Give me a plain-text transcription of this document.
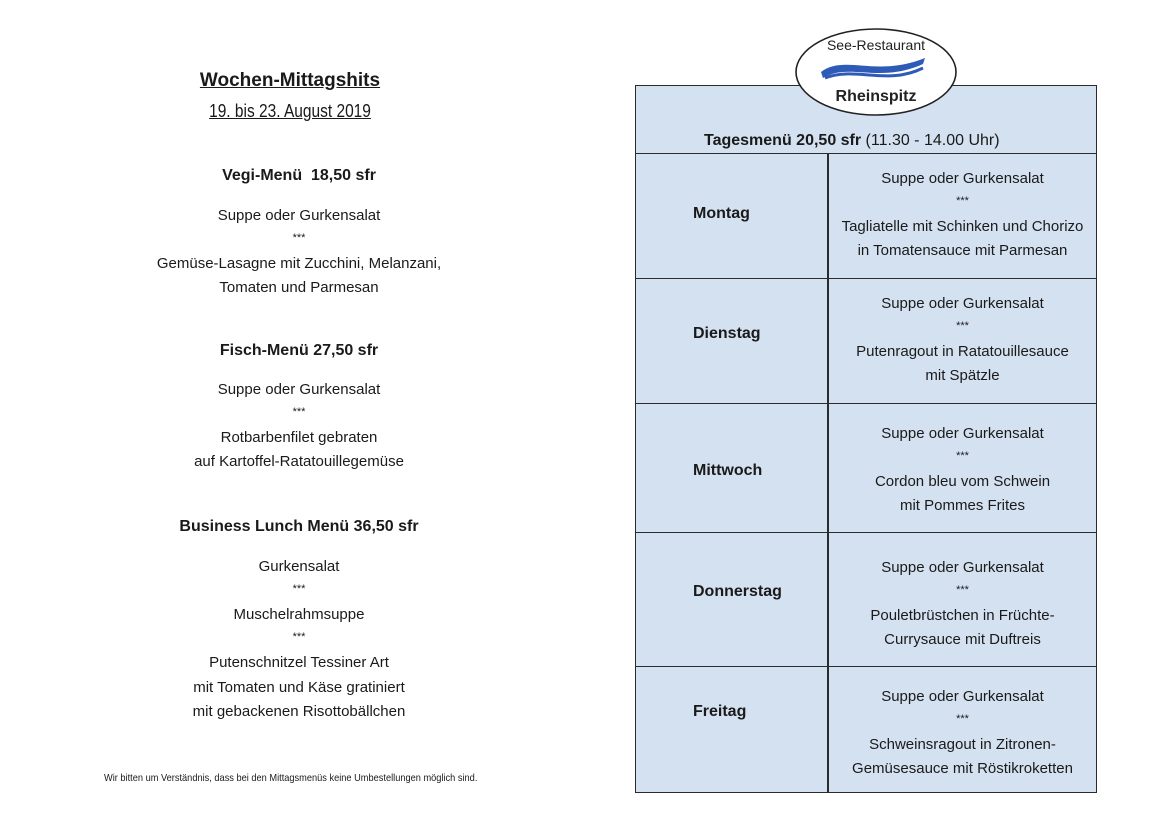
Wochen-Mittagshits
19. bis 23. August 2019
Vegi-Menü  18,50 sfr
Suppe oder Gurkensalat
***
Gemüse-Lasagne mit Zucchini, Melanzani,
Tomaten und Parmesan
Fisch-Menü 27,50 sfr
Suppe oder Gurkensalat
***
Rotbarbenfilet gebraten
auf Kartoffel-Ratatouillegemüse
Business Lunch Menü 36,50 sfr
Gurkensalat
***
Muschelrahmsuppe
***
Putenschnitzel Tessiner Art
mit Tomaten und Käse gratiniert
mit gebackenen Risottobällchen
Wir bitten um Verständnis, dass bei den Mittagsmenüs keine Umbestellungen möglich sind.
Tagesmenü 20,50 sfr (11.30 - 14.00 Uhr)
Montag
Suppe oder Gurkensalat
***
Tagliatelle mit Schinken und Chorizo
in Tomatensauce mit Parmesan
Dienstag
Suppe oder Gurkensalat
***
Putenragout in Ratatouillesauce
mit Spätzle
Mittwoch
Suppe oder Gurkensalat
***
Cordon bleu vom Schwein
mit Pommes Frites
Donnerstag
Suppe oder Gurkensalat
***
Pouletbrüstchen in Früchte-
Currysauce mit Duftreis
Freitag
Suppe oder Gurkensalat
***
Schweinsragout in Zitronen-
Gemüsesauce mit Röstikroketten
See-Restaurant
Rheinspitz
